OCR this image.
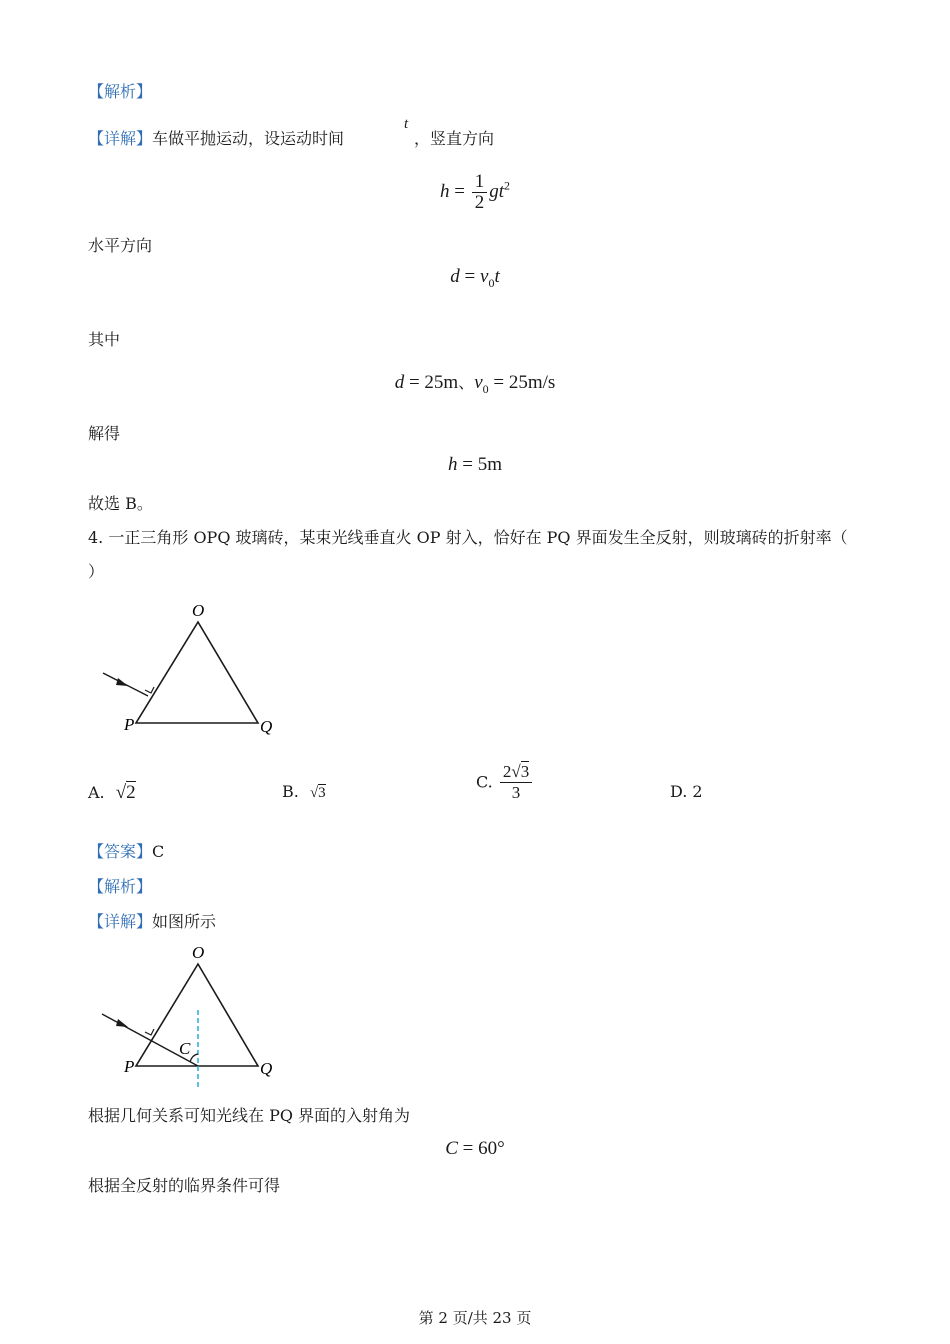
【解析】
【详解】车做平抛运动，设运动时间
t
，竖直方向
$h = \frac{1}{2} gt^2$
水平方向
$d = v_0t$
其中
d = 25m、$v_0 = 25m/s$
解得
h = 5m
故选 B。
4. 一正三角形 OPQ 玻璃砖，某束光线垂直火 OP 射入，恰好在 PQ 界面发生全反射，则玻璃砖的折射率（
）
O
P	Q
A. √2	B. √3
C. $\frac{2√3}{3}$	D. 2
【答案】C
【解析】
【详解】如图所示
O
P	Q
C
根据几何关系可知光线在 PQ 界面的入射角为
C = 60°
根据全反射的临界条件可得
第 2 页/共 23 页
